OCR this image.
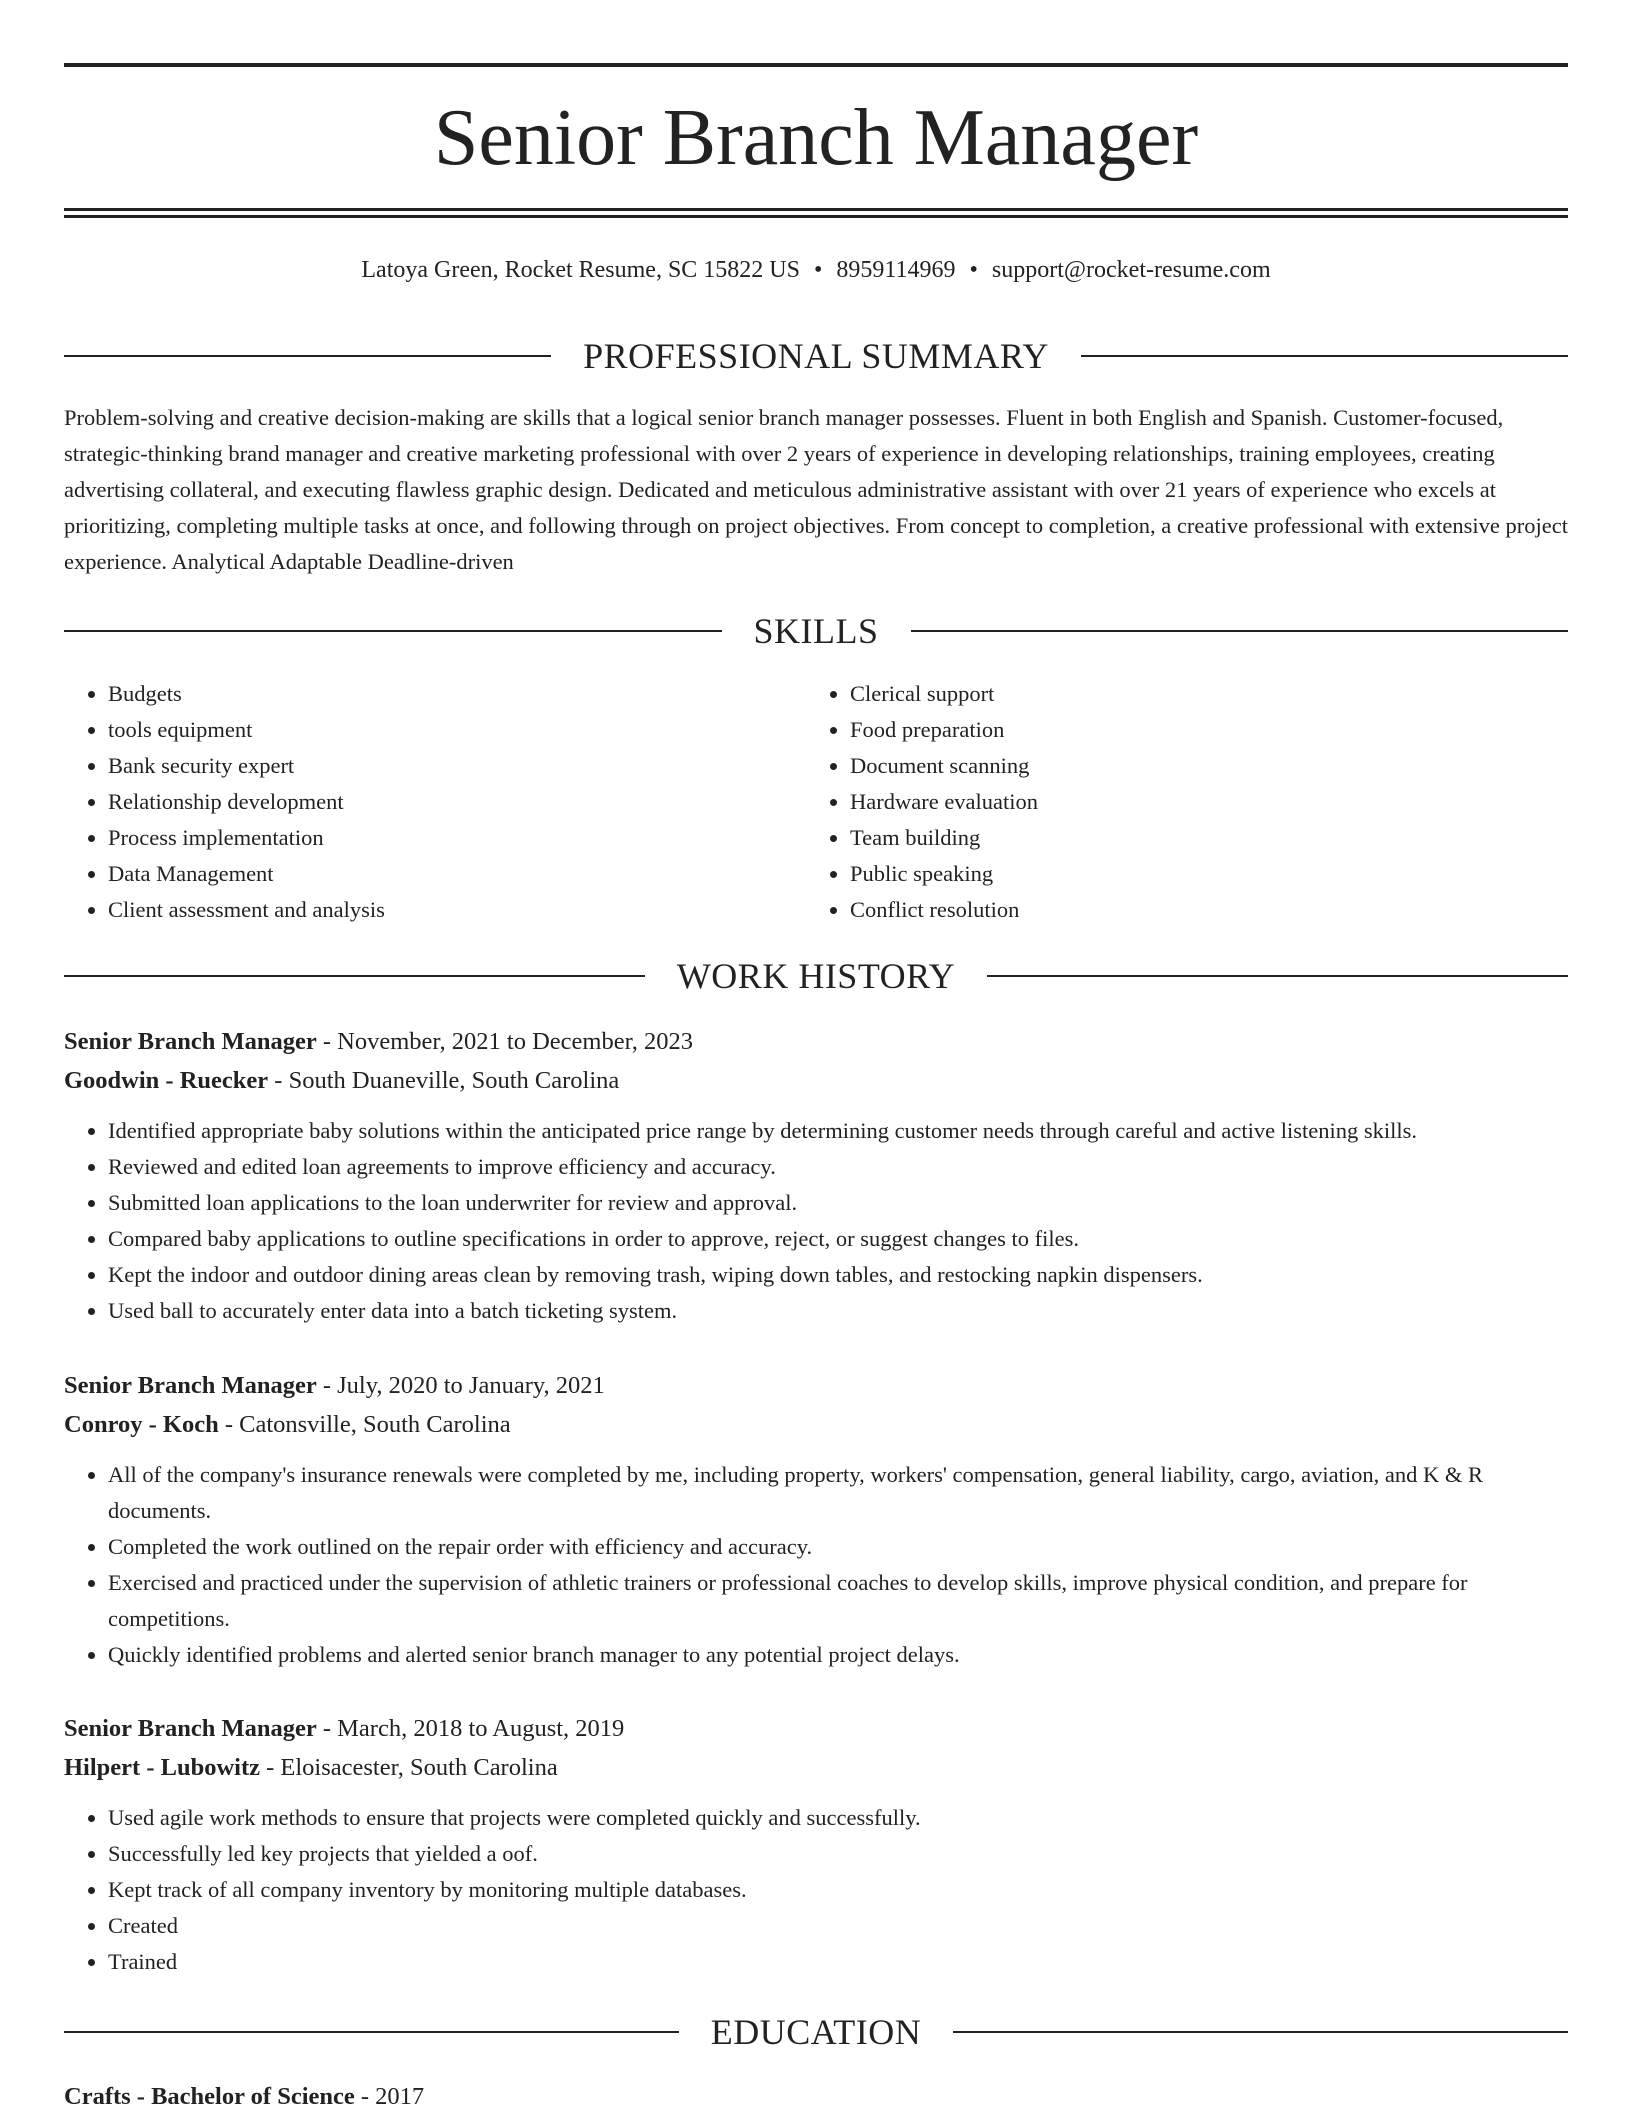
Senior Branch Manager
Latoya Green, Rocket Resume, SC 15822 US • 8959114969 • support@rocket-resume.com
PROFESSIONAL SUMMARY

Problem-solving and creative decision-making are skills that a logical senior branch manager possesses. Fluent in both English and Spanish. Customer-focused, strategic-thinking brand manager and creative marketing professional with over 2 years of experience in developing relationships, training employees, creating advertising collateral, and executing flawless graphic design. Dedicated and meticulous administrative assistant with over 21 years of experience who excels at prioritizing, completing multiple tasks at once, and following through on project objectives. From concept to completion, a creative professional with extensive project experience. Analytical Adaptable Deadline-driven

SKILLS
• Budgets
• tools equipment
• Bank security expert
• Relationship development
• Process implementation
• Data Management
• Client assessment and analysis
• Clerical support
• Food preparation
• Document scanning
• Hardware evaluation
• Team building
• Public speaking
• Conflict resolution
WORK HISTORY
Senior Branch Manager - November, 2021 to December, 2023
Goodwin - Ruecker - South Duaneville, South Carolina
• Identified appropriate baby solutions within the anticipated price range by determining customer needs through careful and active listening skills.
• Reviewed and edited loan agreements to improve efficiency and accuracy.
• Submitted loan applications to the loan underwriter for review and approval.
• Compared baby applications to outline specifications in order to approve, reject, or suggest changes to files.
• Kept the indoor and outdoor dining areas clean by removing trash, wiping down tables, and restocking napkin dispensers.
• Used ball to accurately enter data into a batch ticketing system.
Senior Branch Manager - July, 2020 to January, 2021
Conroy - Koch - Catonsville, South Carolina
• All of the company's insurance renewals were completed by me, including property, workers' compensation, general liability, cargo, aviation, and K & R documents.
• Completed the work outlined on the repair order with efficiency and accuracy.
• Exercised and practiced under the supervision of athletic trainers or professional coaches to develop skills, improve physical condition, and prepare for competitions.
• Quickly identified problems and alerted senior branch manager to any potential project delays.
Senior Branch Manager - March, 2018 to August, 2019
Hilpert - Lubowitz - Eloisacester, South Carolina
• Used agile work methods to ensure that projects were completed quickly and successfully.
• Successfully led key projects that yielded a oof.
• Kept track of all company inventory by monitoring multiple databases.
• Created
• Trained
EDUCATION
Crafts - Bachelor of Science - 2017
